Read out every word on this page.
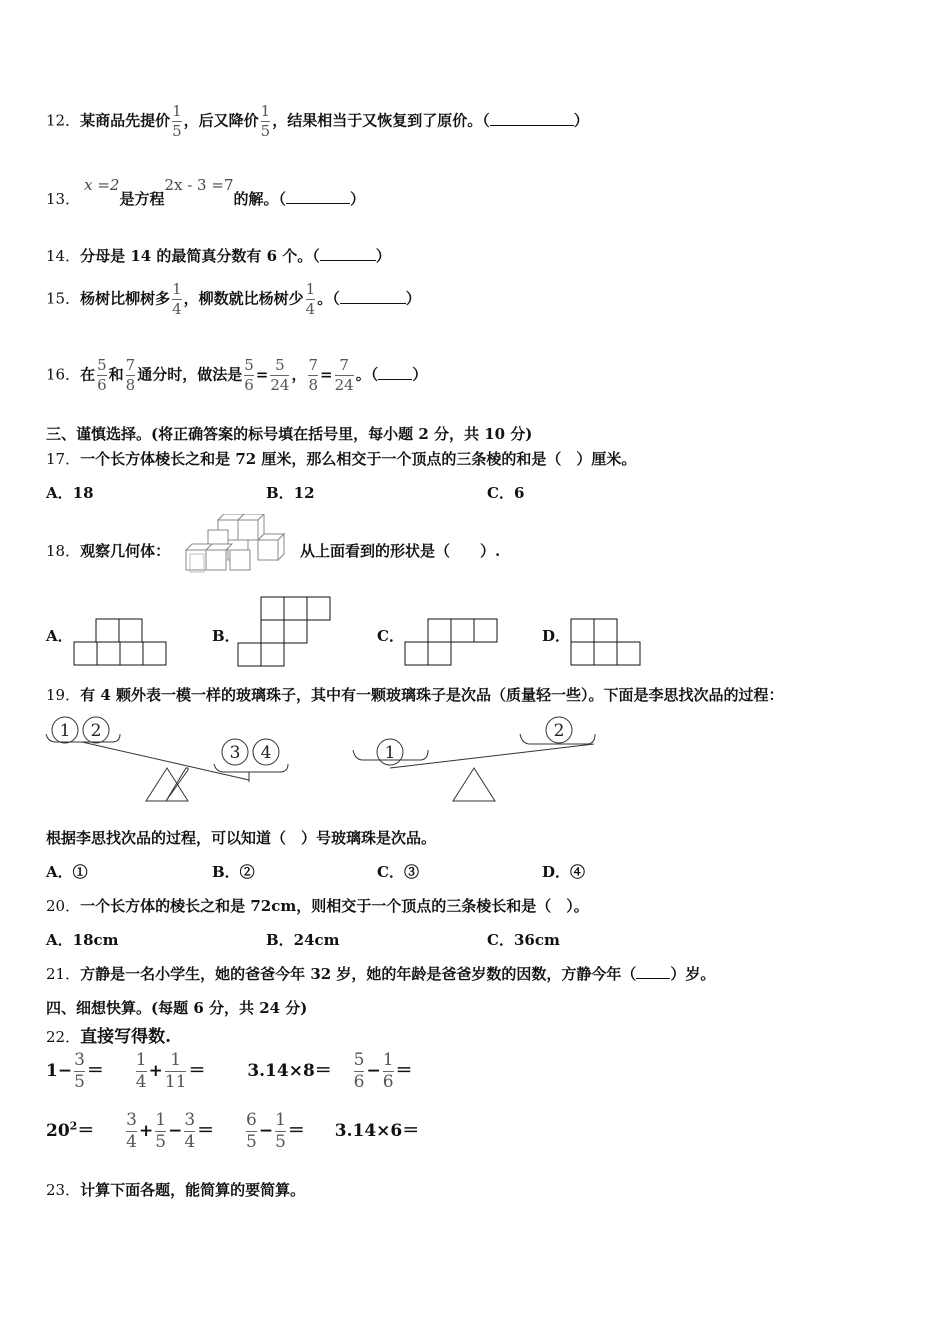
12．某商品先提价 $\frac{1}{5}$ ，后又降价 $\frac{1}{5}$ ，结果相当于又恢复到了原价。（	）
13．x =2是方程2x - 3 =7的解。（	）
14．分母是 14 的最简真分数有 6 个。（	）
15．杨树比柳树多 $\frac{1}{4}$ ，柳数就比杨树少 $\frac{1}{4}$ 。（	）
16．在 $\frac{5}{6}$ 和 $\frac{7}{8}$ 通分时，做法是 $\frac{5}{6} = \frac{5}{24}$ ， $\frac{7}{8} = \frac{7}{24}$ 。（ ）
三、谨慎选择。(将正确答案的标号填在括号里，每小题 2 分，共 10 分)
17．一个长方体棱长之和是 72 厘米，那么相交于一个顶点的三条棱的和是（　）厘米。
A．18	B．12	C．6
18．观察几何体：	从上面看到的形状是（　　）.
A．	B．	C．	D．
19．有 4 颗外表一模一样的玻璃珠子，其中有一颗玻璃珠子是次品（质量轻一些）。下面是李思找次品的过程：
1 2
3 4	1
2
根据李思找次品的过程，可以知道（　）号玻璃珠是次品。
A．①	B．②	C．③	D．④
20．一个长方体的棱长之和是 72cm，则相交于一个顶点的三条棱长和是（　）。
A．18cm	B．24cm	C．36cm
21．方静是一名小学生，她的爸爸今年 32 岁，她的年龄是爸爸岁数的因数，方静今年（ ）岁。
四、细想快算。(每题 6 分，共 24 分)
22．直接写得数.
$1- \frac{3}{5} = \frac{1}{4} + \frac{1}{11} = 3.14\times 8= \frac{5}{6} - \frac{1}{6}$ ＝
$20^2= \frac{3}{4} + \frac{1}{5} - \frac{3}{4} = \frac{6}{5} - \frac{1}{5} = 3.14\times 6=$
23．计算下面各题，能简算的要简算。
